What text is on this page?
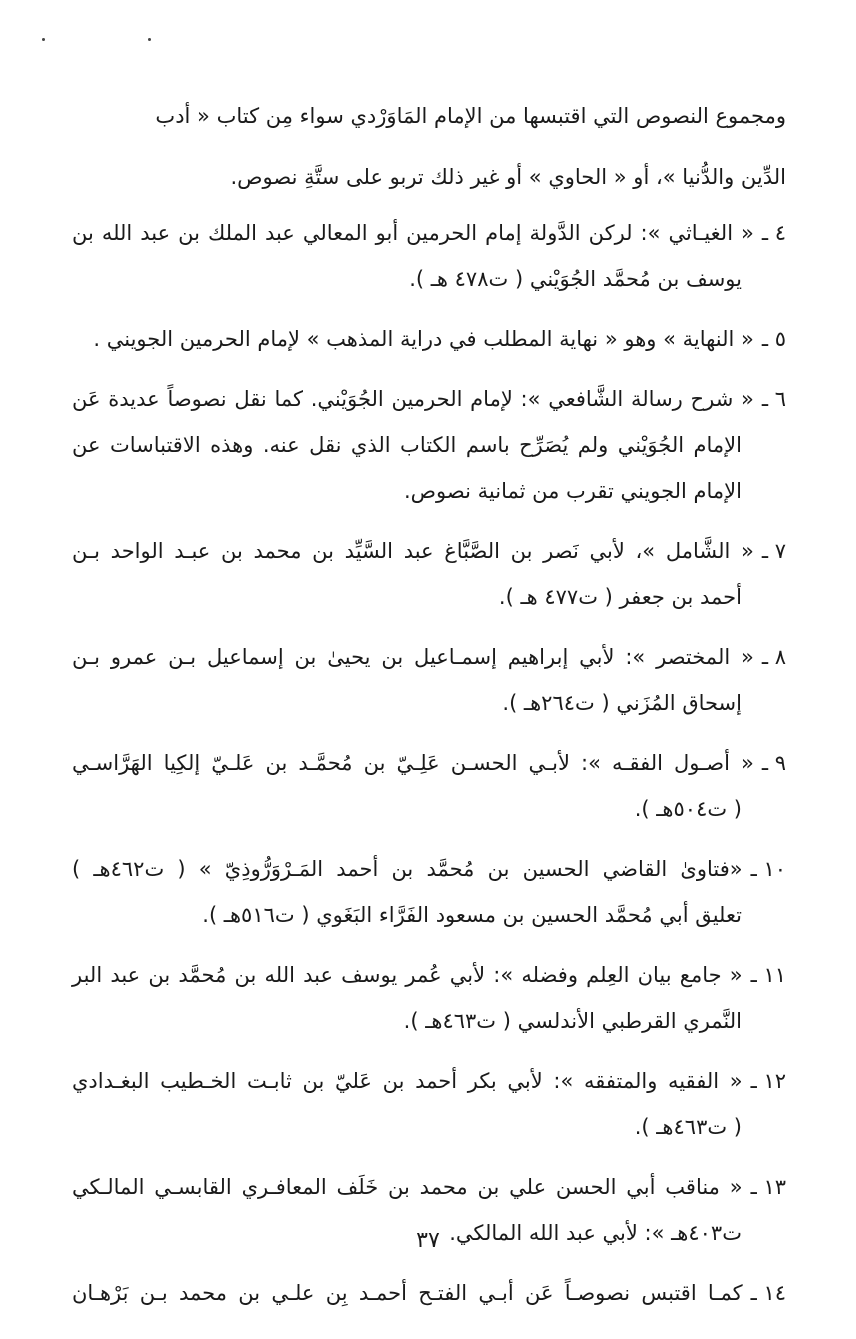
ومجموع النصوص التي اقتبسها من الإمام المَاوَرْدي سواء مِن كتاب « أدب
الدِّين والدُّنيا »، أو « الحاوي » أو غير ذلك تربو على ستَّةِ نصوص.
٤ ـ
« الغيـاثي »: لركن الدَّولة إمام الحرمين أبو المعالي عبد الملك بن عبد الله بن
يوسف بن مُحمَّد الجُوَيْني ( ت٤٧٨ هـ ).
٥ ـ
« النهاية » وهو « نهاية المطلب في دراية المذهب » لإمام الحرمين الجويني .
٦ ـ
« شرح رسالة الشَّافعي »: لإمام الحرمين الجُوَيْني. كما نقل نصوصاً عديدة عَن
الإمام الجُوَيْني ولم يُصَرِّح باسم الكتاب الذي نقل عنه. وهذه الاقتباسات عن
الإمام الجويني تقرب من ثمانية نصوص.
٧ ـ
« الشَّامل »، لأبي نَصر بن الصَّبَّاغ عبد السَّيِّد بن محمد بن عبـد الواحد بـن
أحمد بن جعفر ( ت٤٧٧ هـ ).
٨ ـ
« المختصر »: لأبي إبراهيم إسمـاعيل بن يحيىٰ بن إسماعيل بـن عمرو بـن
إسحاق المُزَني ( ت٢٦٤هـ ).
٩ ـ
« أصـول الفقـه »: لأبـي الحسـن عَلِـيّ بن مُحمَّـد بن عَلـيّ إلكِيا الهَرَّاسـي
( ت٥٠٤هـ ).
١٠ ـ
«فتاوىٰ القاضي الحسين بن مُحمَّد بن أحمد المَـرْوَرُّوذِيّ » ( ت٤٦٢هـ )
تعليق أبي مُحمَّد الحسين بن مسعود الفَرَّاء البَغَوي ( ت٥١٦هـ ).
١١ ـ
« جامع بيان العِلم وفضله »: لأبي عُمر يوسف عبد الله بن مُحمَّد بن عبد البر
النَّمري القرطبي الأندلسي ( ت٤٦٣هـ ).
١٢ ـ
« الفقيه والمتفقه »: لأبي بكر أحمد بن عَليّ بن ثابـت الخـطيب البغـدادي
( ت٤٦٣هـ ).
١٣ ـ
« مناقب أبي الحسن علي بن محمد بن خَلَف المعافـري القابسـي المالـكي
ت٤٠٣هـ »: لأبي عبد الله المالكي.
١٤ ـ
كمـا اقتبس نصوصـاً عَن أبـي الفتـح أحمـد بِن علـي بن محمد بـن بَرْهـان
٣٧
